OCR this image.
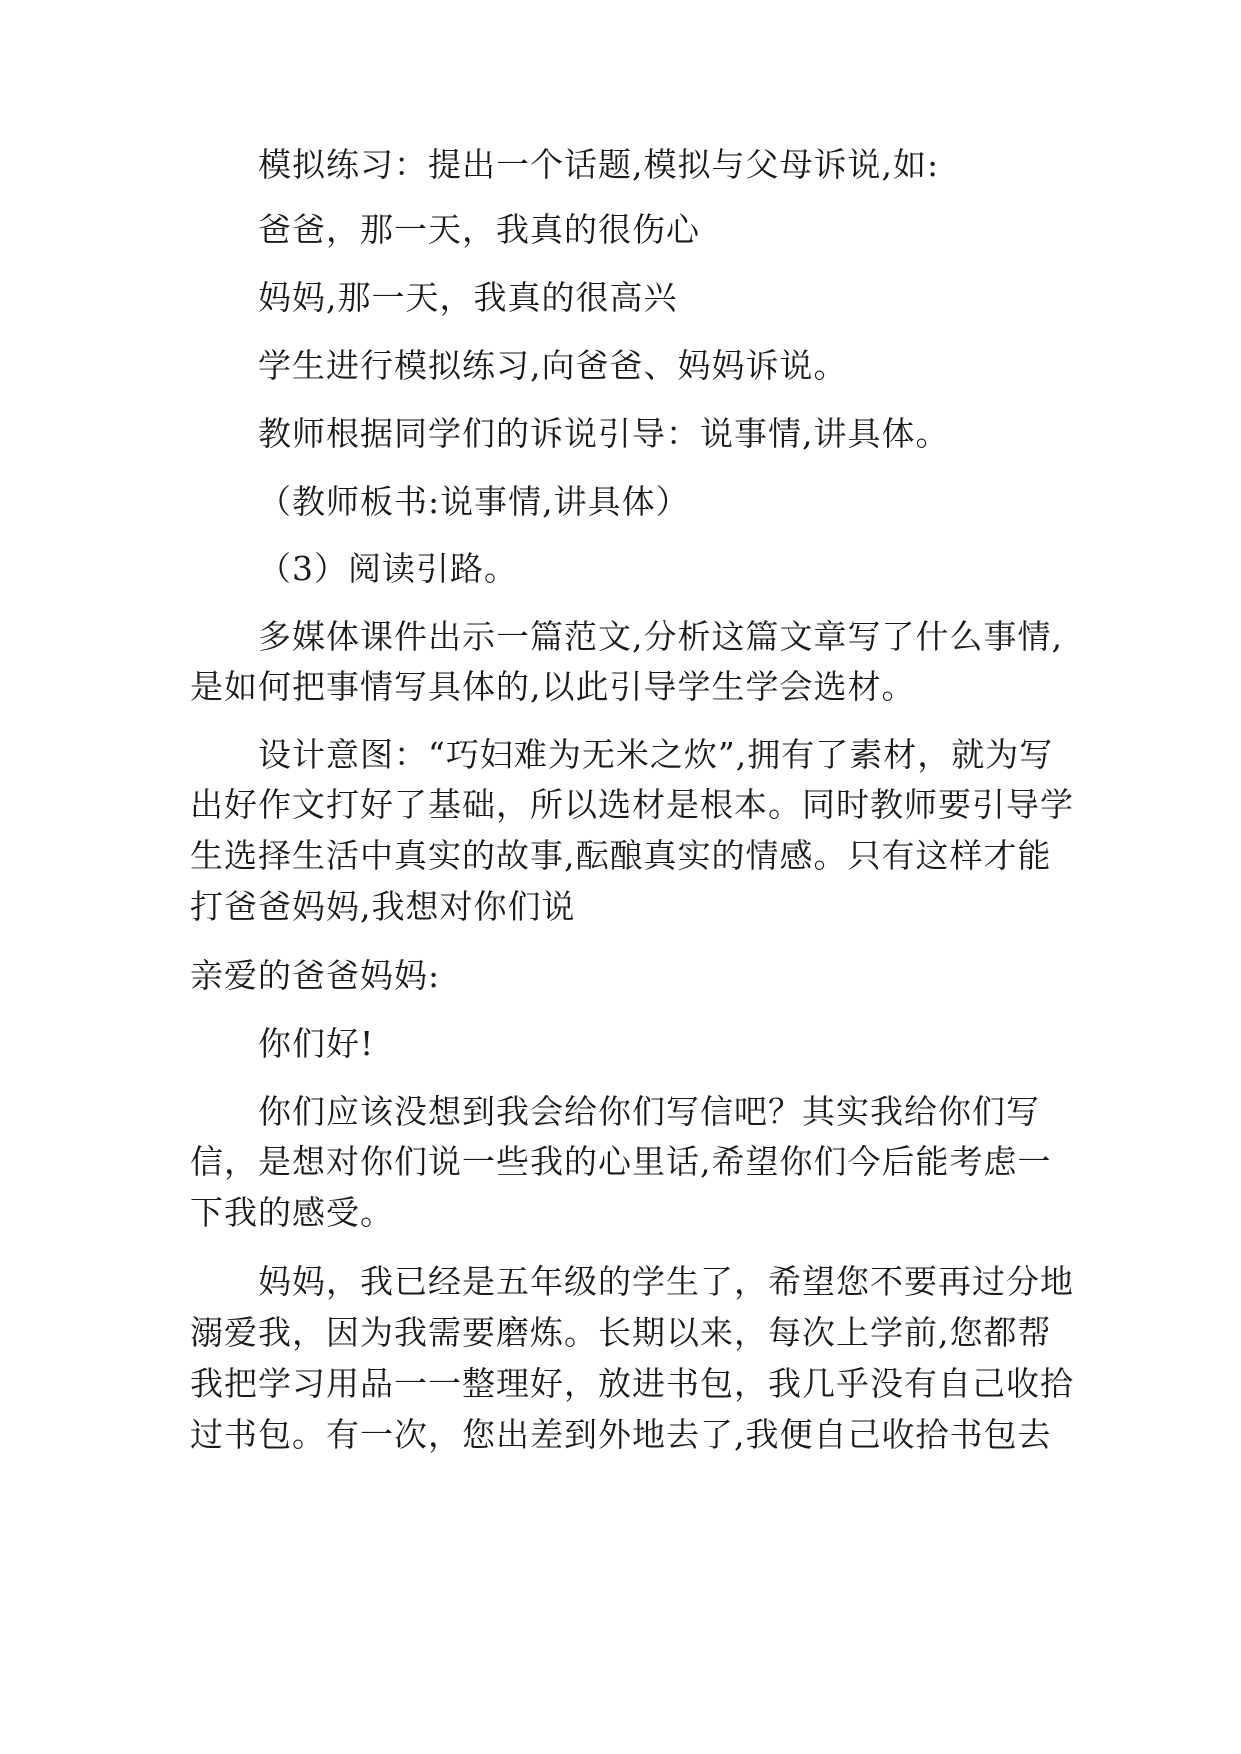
模拟练习：提出一个话题,模拟与父母诉说,如:
爸爸，那一天，我真的很伤心
妈妈,那一天，我真的很高兴
学生进行模拟练习,向爸爸、妈妈诉说。
教师根据同学们的诉说引导：说事情,讲具体。
（教师板书:说事情,讲具体）
（3）阅读引路。
多媒体课件出示一篇范文,分析这篇文章写了什么事情,
是如何把事情写具体的,以此引导学生学会选材。
设计意图：“巧妇难为无米之炊”,拥有了素材，就为写
出好作文打好了基础，所以选材是根本。同时教师要引导学
生选择生活中真实的故事,酝酿真实的情感。只有这样才能
打爸爸妈妈,我想对你们说
亲爱的爸爸妈妈:
你们好!
你们应该没想到我会给你们写信吧？其实我给你们写
信，是想对你们说一些我的心里话,希望你们今后能考虑一
下我的感受。
妈妈，我已经是五年级的学生了，希望您不要再过分地
溺爱我，因为我需要磨炼。长期以来，每次上学前,您都帮
我把学习用品一一整理好，放进书包，我几乎没有自己收拾
过书包。有一次，您出差到外地去了,我便自己收拾书包去
